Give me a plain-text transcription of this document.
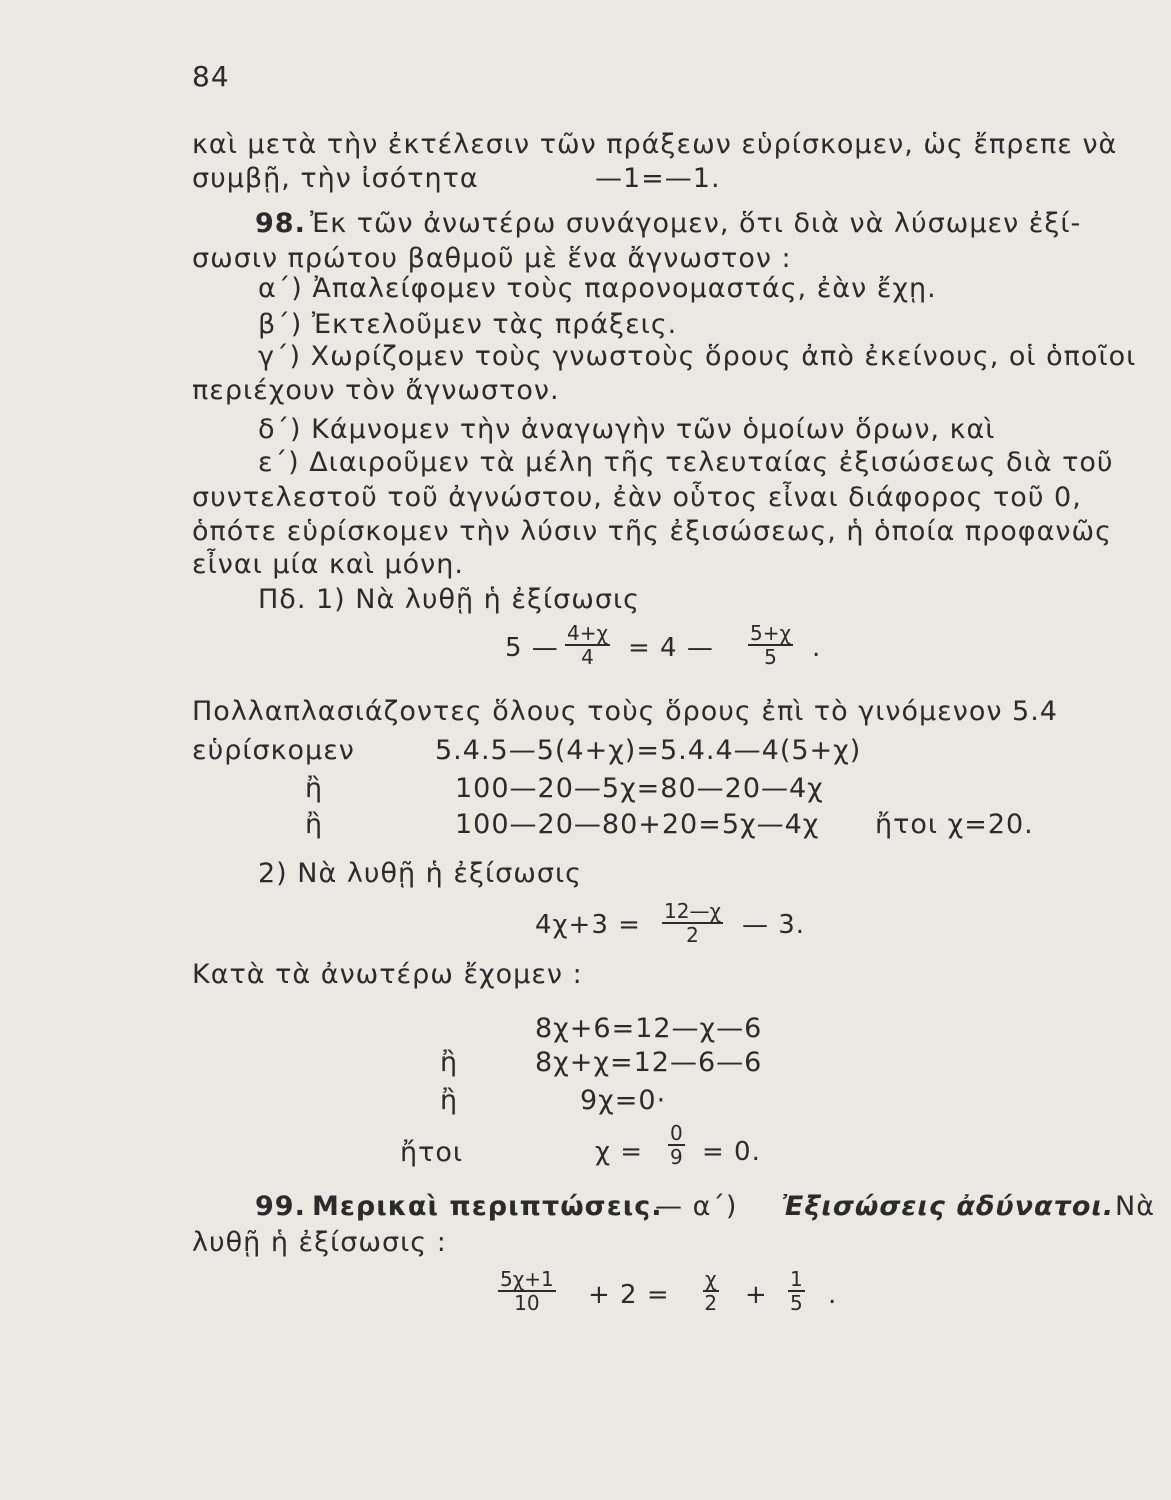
84
καὶ μετὰ τὴν ἐκτέλεσιν τῶν πράξεων εὑρίσκομεν, ὡς ἔπρεπε νὰ
συμβῇ, τὴν ἰσότητα	—1=—1.
98. Ἐκ τῶν ἀνωτέρω συνάγομεν, ὅτι διὰ νὰ λύσωμεν ἐξί-
σωσιν πρώτου βαθμοῦ μὲ ἕνα ἄγνωστον :
α΄) Ἀπαλείφομεν τοὺς παρονομαστάς, ἐὰν ἔχῃ.
β΄) Ἐκτελοῦμεν τὰς πράξεις.
γ΄) Χωρίζομεν τοὺς γνωστοὺς ὅρους ἀπὸ ἐκείνους, οἱ ὁποῖοι
περιέχουν τὸν ἄγνωστον.
δ΄) Κάμνομεν τὴν ἀναγωγὴν τῶν ὁμοίων ὅρων, καὶ
ε΄) Διαιροῦμεν τὰ μέλη τῆς τελευταίας ἐξισώσεως διὰ τοῦ
συντελεστοῦ τοῦ ἀγνώστου, ἐὰν οὗτος εἶναι διάφορος τοῦ 0,
ὁπότε εὑρίσκομεν τὴν λύσιν τῆς ἐξισώσεως, ἡ ὁποία προφανῶς
εἶναι μία καὶ μόνη.
Πδ. 1) Νὰ λυθῇ ἡ ἐξίσωσις
5 — $\frac{4+\chi}{4} = 4$ — $\frac{5+\chi}{5}$ .
Πολλαπλασιάζοντες ὅλους τοὺς ὅρους ἐπὶ τὸ γινόμενον 5.4
εὑρίσκομεν	5.4.5—5(4+χ)=5.4.4—4(5+χ)
ἢ	100—20—5χ=80—20—4χ
ἢ	100—20—80+20=5χ—4χ ἤτοι χ=20.
2) Νὰ λυθῇ ἡ ἐξίσωσις
$4\chi+3 = \frac{12—\chi}{2}$ — 3.
Κατὰ τὰ ἀνωτέρω ἔχομεν :
8χ+6=12—χ—6
ἢ	8χ+χ=12—6—6
ἢ	9χ=0·
ἤτοι	$\chi = \frac{0}{9} = 0$.
99. Μερικαὶ περιπτώσεις.
— α΄) Ἐξισώσεις ἀδύνατοι. Νὰ
λυθῇ ἡ ἐξίσωσις :
$\frac{5\chi+1}{10} + 2 = \frac{\chi}{2} + \frac{1}{5}$ .
